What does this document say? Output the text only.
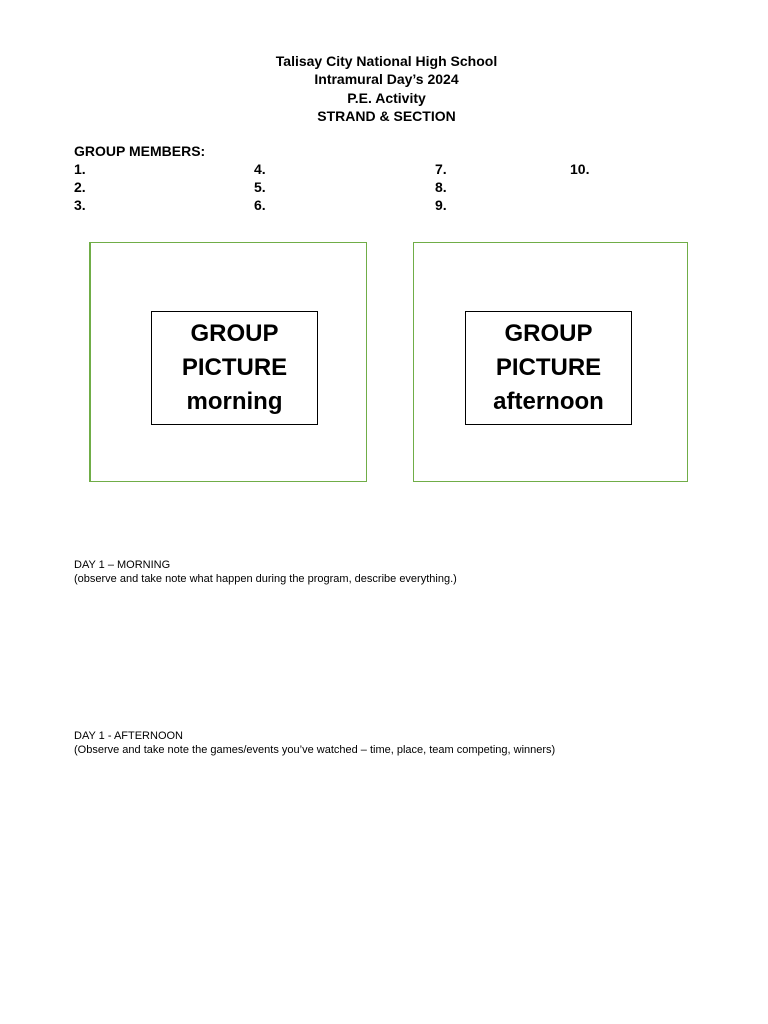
Talisay City National High School
Intramural Day’s 2024
P.E. Activity
STRAND & SECTION
GROUP MEMBERS:
1.
2.
3.
4.
5.
6.
7.
8.
9.
10.
GROUP
PICTURE
morning
GROUP
PICTURE
afternoon
DAY 1 – MORNING
(observe and take note what happen during the program, describe everything.)
DAY 1 - AFTERNOON
(Observe and take note the games/events you’ve watched – time, place, team competing, winners)
